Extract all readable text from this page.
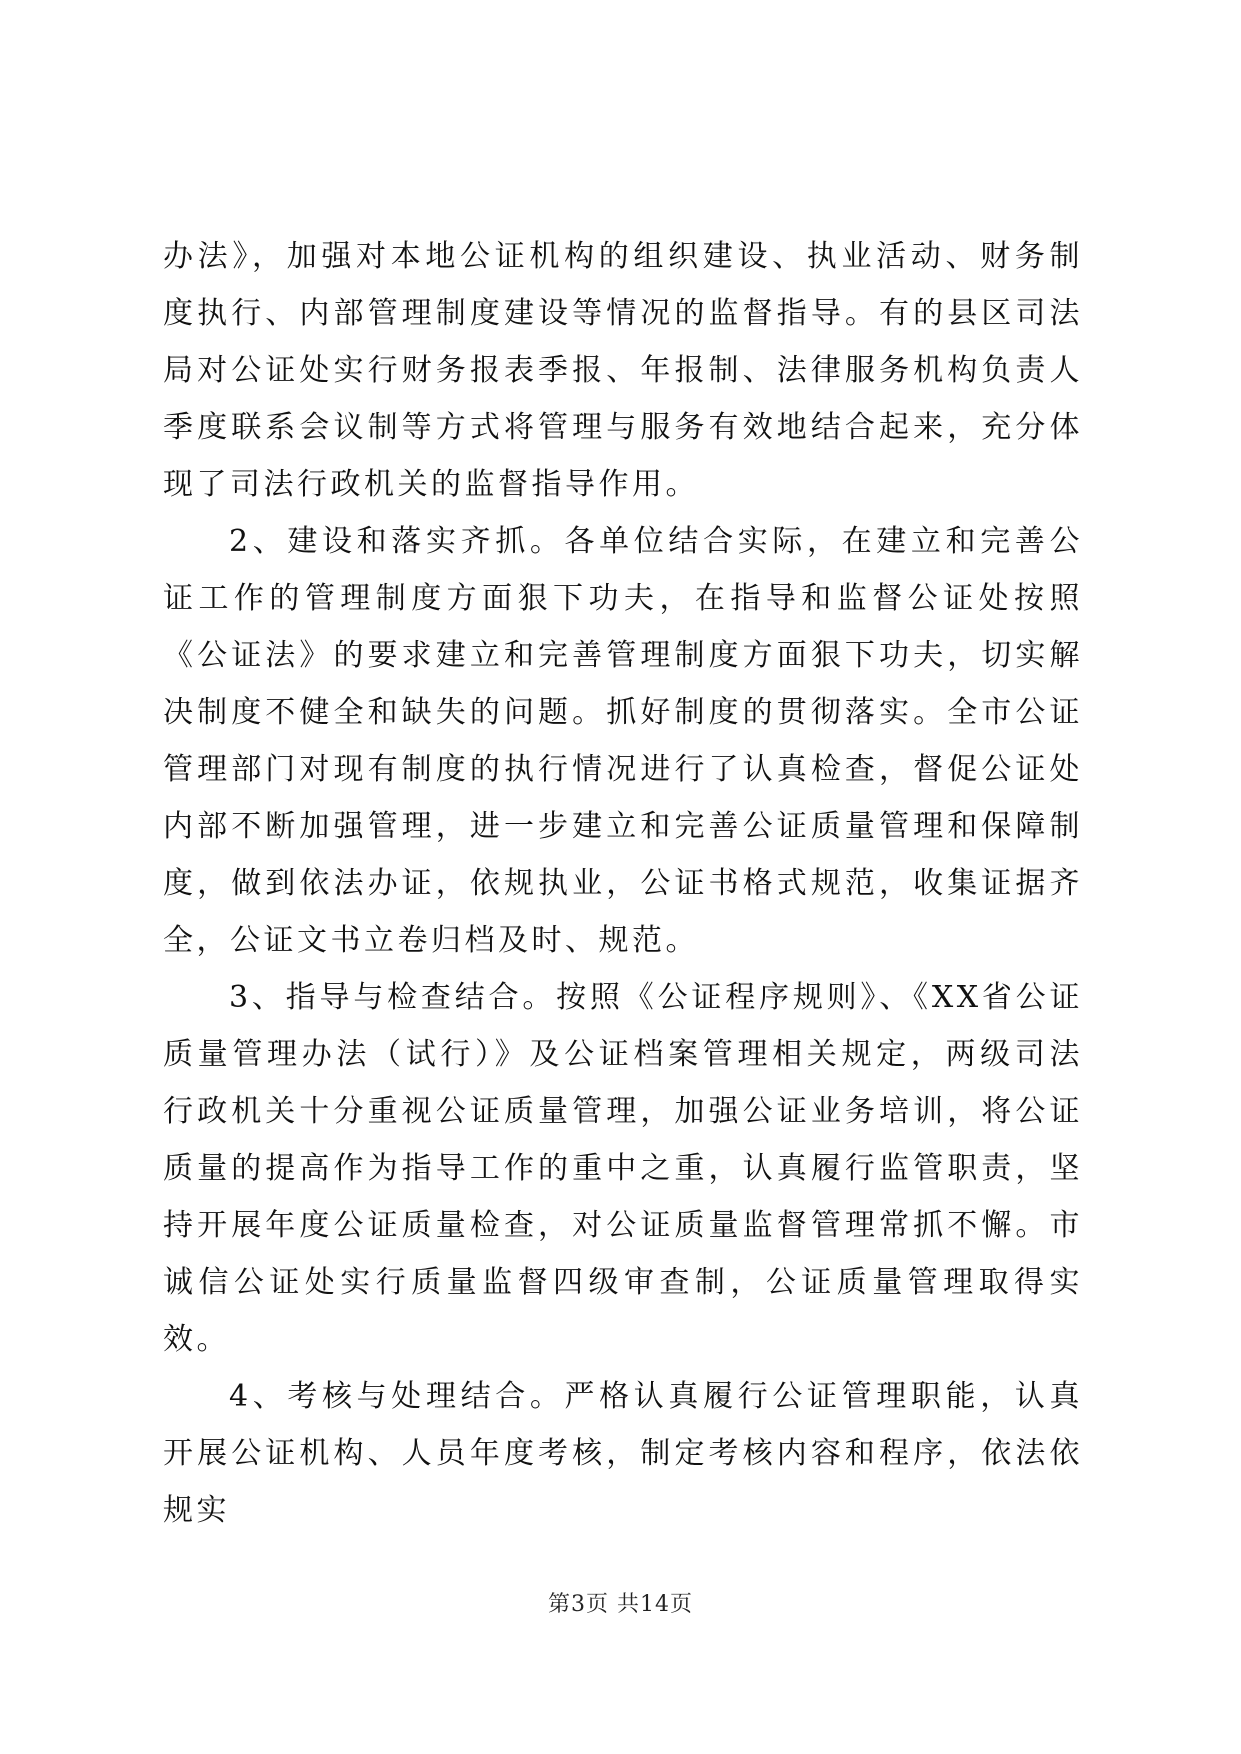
办法》，加强对本地公证机构的组织建设、执业活动、财务制度执行、内部管理制度建设等情况的监督指导。有的县区司法局对公证处实行财务报表季报、年报制、法律服务机构负责人季度联系会议制等方式将管理与服务有效地结合起来，充分体现了司法行政机关的监督指导作用。

2、建设和落实齐抓。各单位结合实际，在建立和完善公证工作的管理制度方面狠下功夫，在指导和监督公证处按照《公证法》的要求建立和完善管理制度方面狠下功夫，切实解决制度不健全和缺失的问题。抓好制度的贯彻落实。全市公证管理部门对现有制度的执行情况进行了认真检查，督促公证处内部不断加强管理，进一步建立和完善公证质量管理和保障制度，做到依法办证，依规执业，公证书格式规范，收集证据齐全，公证文书立卷归档及时、规范。

3、指导与检查结合。按照《公证程序规则》、《XX省公证质量管理办法（试行）》及公证档案管理相关规定，两级司法行政机关十分重视公证质量管理，加强公证业务培训，将公证质量的提高作为指导工作的重中之重，认真履行监管职责，坚持开展年度公证质量检查，对公证质量监督管理常抓不懈。市诚信公证处实行质量监督四级审查制，公证质量管理取得实效。

4、考核与处理结合。严格认真履行公证管理职能，认真开展公证机构、人员年度考核，制定考核内容和程序，依法依规实

第3页 共14页
